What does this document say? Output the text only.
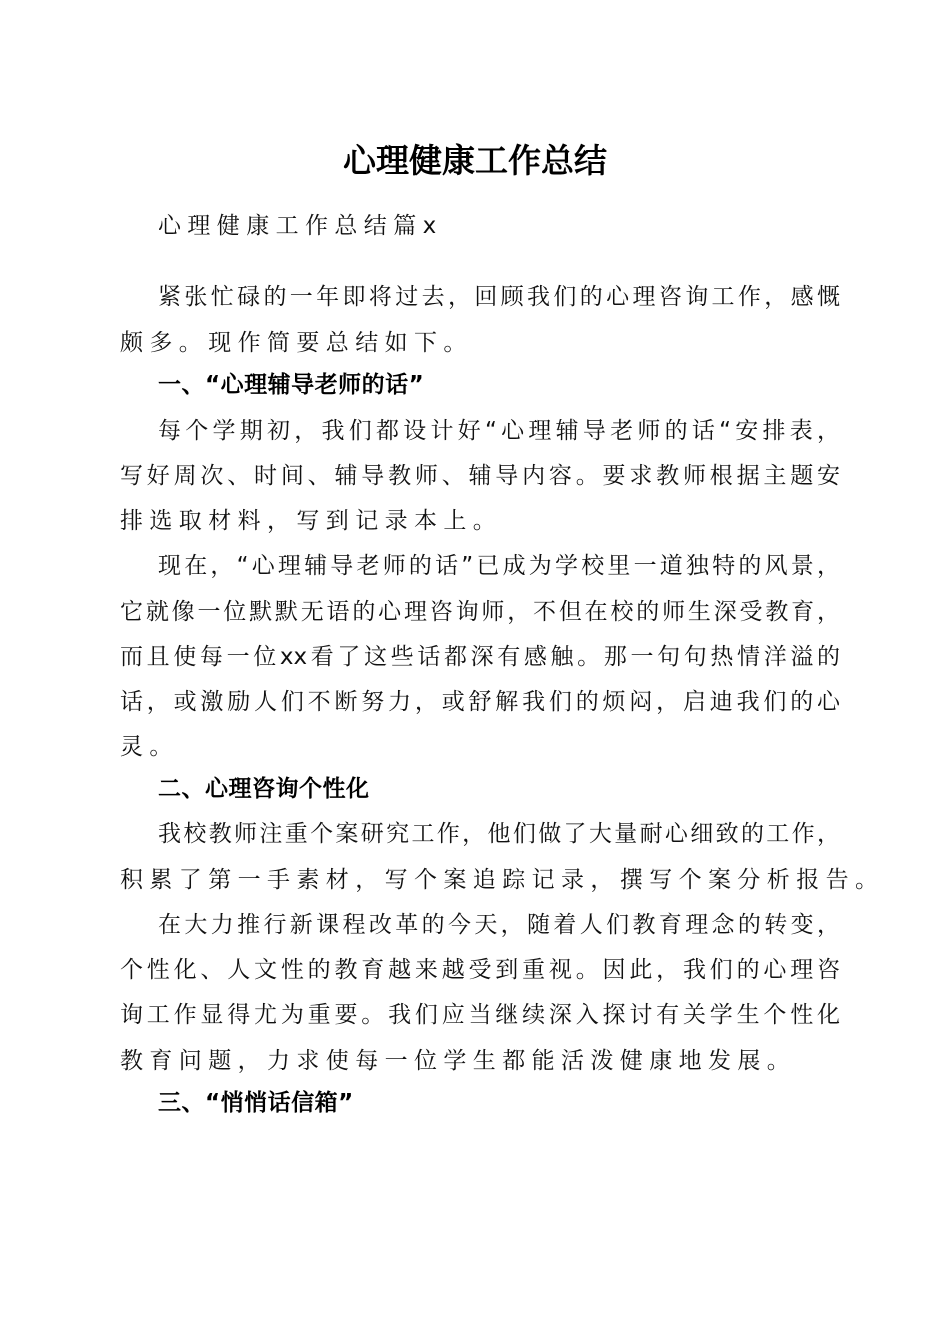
心理健康工作总结
心理健康工作总结篇x
紧张忙碌的一年即将过去，回顾我们的心理咨询工作，感慨
颇多。现作简要总结如下。
一、“心理辅导老师的话”
每个学期初，我们都设计好“心理辅导老师的话“安排表，
写好周次、时间、辅导教师、辅导内容。要求教师根据主题安
排选取材料，写到记录本上。
现在，“心理辅导老师的话”已成为学校里一道独特的风景，
它就像一位默默无语的心理咨询师，不但在校的师生深受教育，
而且使每一位xx看了这些话都深有感触。那一句句热情洋溢的
话，或激励人们不断努力，或舒解我们的烦闷，启迪我们的心
灵。
二、心理咨询个性化
我校教师注重个案研究工作，他们做了大量耐心细致的工作，
积累了第一手素材，写个案追踪记录，撰写个案分析报告。
在大力推行新课程改革的今天，随着人们教育理念的转变，
个性化、人文性的教育越来越受到重视。因此，我们的心理咨
询工作显得尤为重要。我们应当继续深入探讨有关学生个性化
教育问题，力求使每一位学生都能活泼健康地发展。
三、“悄悄话信箱”
